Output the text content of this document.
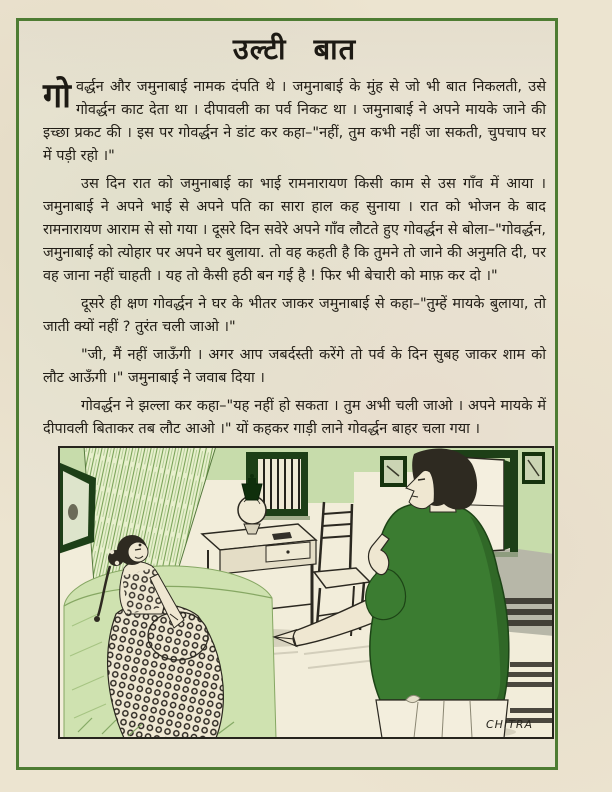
उल्टी बात

गोवर्द्धन और जमुनाबाई नामक दंपति थे । जमुनाबाई के मुंह से जो भी बात निकलती, उसे गोवर्द्धन काट देता था । दीपावली का पर्व निकट था । जमुनाबाई ने अपने मायके जाने की इच्छा प्रकट की । इस पर गोवर्द्धन ने डांट कर कहा–"नहीं, तुम कभी नहीं जा सकती, चुपचाप घर में पड़ी रहो ।"

उस दिन रात को जमुनाबाई का भाई रामनारायण किसी काम से उस गाँव में आया । जमुनाबाई ने अपने भाई से अपने पति का सारा हाल कह सुनाया । रात को भोजन के बाद रामनारायण आराम से सो गया । दूसरे दिन सवेरे अपने गाँव लौटते हुए गोवर्द्धन से बोला–"गोवर्द्धन, जमुनाबाई को त्योहार पर अपने घर बुलाया. तो वह कहती है कि तुमने तो जाने की अनुमति दी, पर वह जाना नहीं चाहती । यह तो कैसी हठी बन गई है ! फिर भी बेचारी को माफ़ कर दो ।"

दूसरे ही क्षण गोवर्द्धन ने घर के भीतर जाकर जमुनाबाई से कहा–"तुम्हें मायके बुलाया, तो जाती क्यों नहीं ? तुरंत चली जाओ ।"

"जी, मैं नहीं जाऊँगी । अगर आप जबर्दस्ती करेंगे तो पर्व के दिन सुबह जाकर शाम को लौट आऊँगी ।" जमुनाबाई ने जवाब दिया ।

गोवर्द्धन ने झल्ला कर कहा–"यह नहीं हो सकता । तुम अभी चली जाओ । अपने मायके में दीपावली बिताकर तब लौट आओ ।" यों कहकर गाड़ी लाने गोवर्द्धन बाहर चला गया ।

CHITRA
